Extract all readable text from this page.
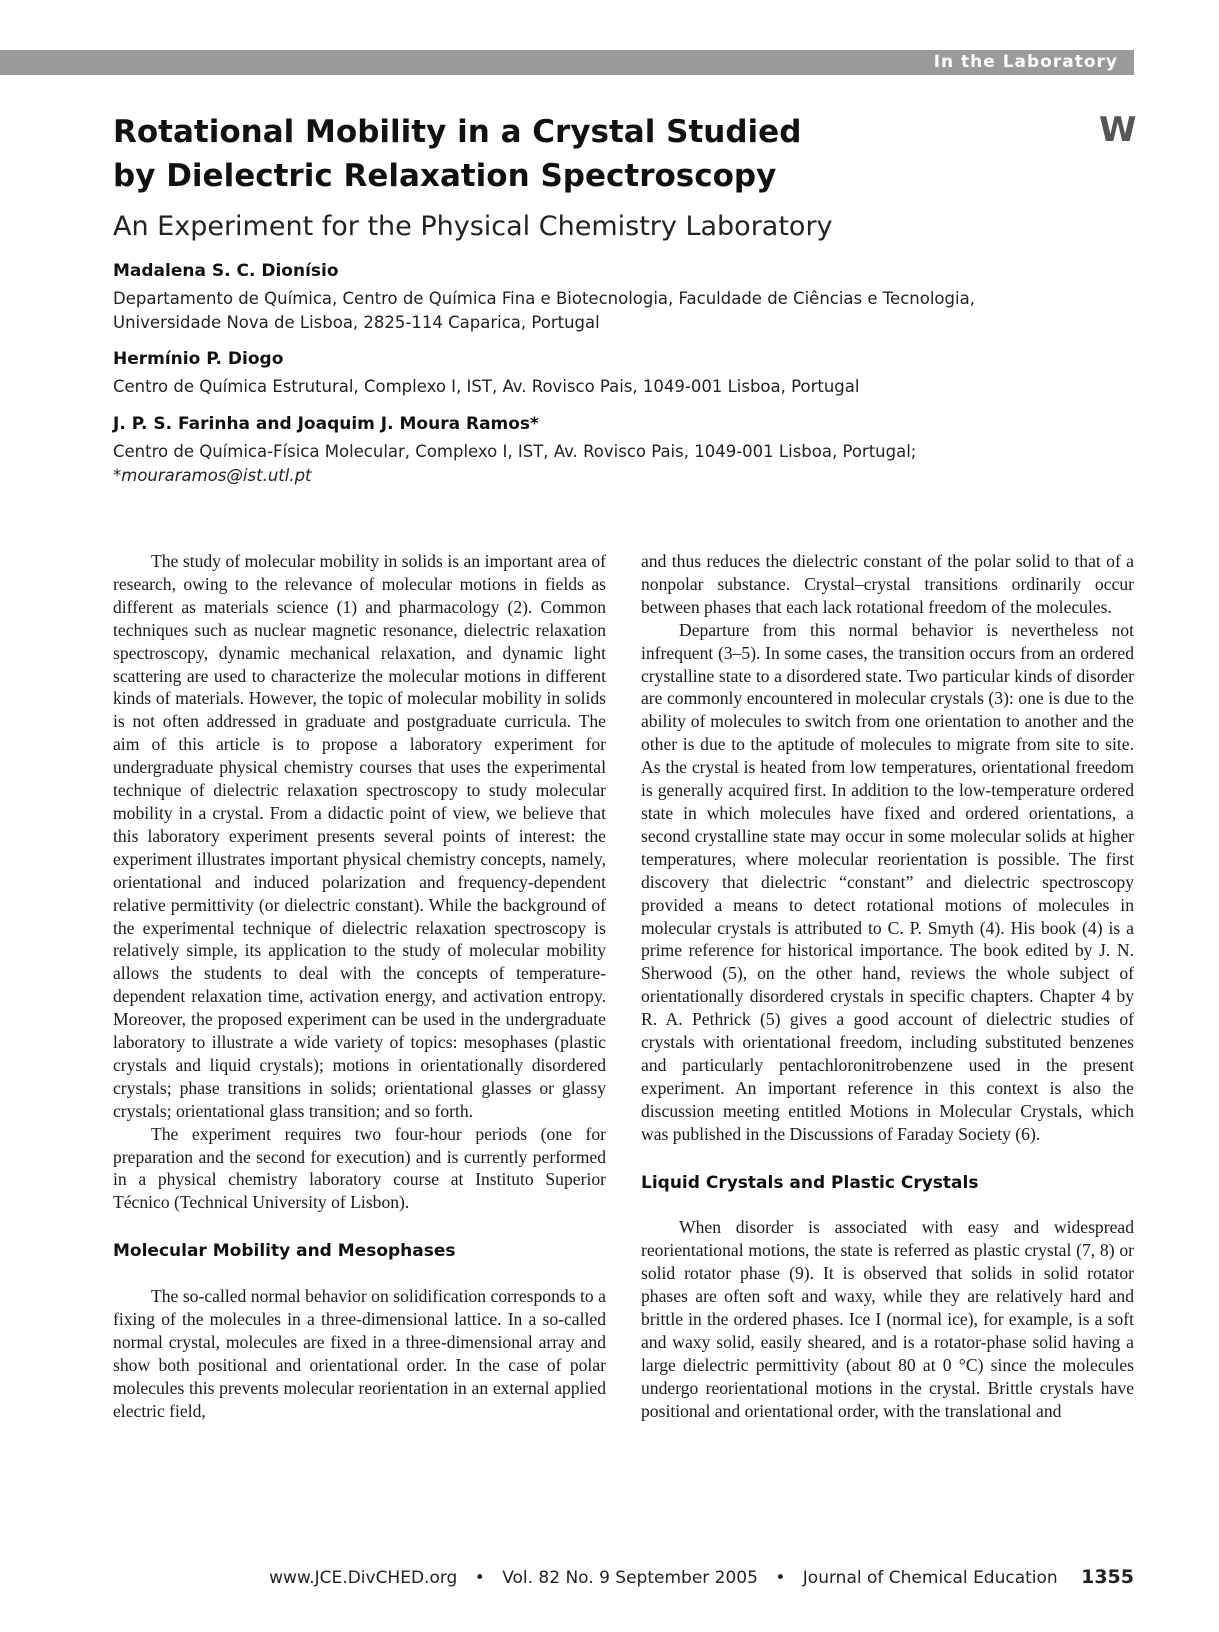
In the Laboratory
W
Rotational Mobility in a Crystal Studied
by Dielectric Relaxation Spectroscopy
An Experiment for the Physical Chemistry Laboratory
Madalena S. C. Dionísio
Departamento de Química, Centro de Química Fina e Biotecnologia, Faculdade de Ciências e Tecnologia,
Universidade Nova de Lisboa, 2825-114 Caparica, Portugal
Hermínio P. Diogo
Centro de Química Estrutural, Complexo I, IST, Av. Rovisco Pais, 1049-001 Lisboa, Portugal
J. P. S. Farinha and Joaquim J. Moura Ramos*
Centro de Química-Física Molecular, Complexo I, IST, Av. Rovisco Pais, 1049-001 Lisboa, Portugal;
*mouraramos@ist.utl.pt

The study of molecular mobility in solids is an important area of research, owing to the relevance of molecular motions in fields as different as materials science (1) and pharmacology (2). Common techniques such as nuclear magnetic resonance, dielectric relaxation spectroscopy, dynamic mechanical relaxation, and dynamic light scattering are used to characterize the molecular motions in different kinds of materials. However, the topic of molecular mobility in solids is not often addressed in graduate and postgraduate curricula. The aim of this article is to propose a laboratory experiment for undergraduate physical chemistry courses that uses the experimental technique of dielectric relaxation spectroscopy to study molecular mobility in a crystal. From a didactic point of view, we believe that this laboratory experiment presents several points of interest: the experiment illustrates important physical chemistry concepts, namely, orientational and induced polarization and frequency-dependent relative permittivity (or dielectric constant). While the background of the experimental technique of dielectric relaxation spectroscopy is relatively simple, its application to the study of molecular mobility allows the students to deal with the concepts of temperature-dependent relaxation time, activation energy, and activation entropy. Moreover, the proposed experiment can be used in the undergraduate laboratory to illustrate a wide variety of topics: mesophases (plastic crystals and liquid crystals); motions in orientationally disordered crystals; phase transitions in solids; orientational glasses or glassy crystals; orientational glass transition; and so forth.

The experiment requires two four-hour periods (one for preparation and the second for execution) and is currently performed in a physical chemistry laboratory course at Instituto Superior Técnico (Technical University of Lisbon).

Molecular Mobility and Mesophases

The so-called normal behavior on solidification corresponds to a fixing of the molecules in a three-dimensional lattice. In a so-called normal crystal, molecules are fixed in a three-dimensional array and show both positional and orientational order. In the case of polar molecules this prevents molecular reorientation in an external applied electric field,

and thus reduces the dielectric constant of the polar solid to that of a nonpolar substance. Crystal–crystal transitions ordinarily occur between phases that each lack rotational freedom of the molecules.

Departure from this normal behavior is nevertheless not infrequent (3–5). In some cases, the transition occurs from an ordered crystalline state to a disordered state. Two particular kinds of disorder are commonly encountered in molecular crystals (3): one is due to the ability of molecules to switch from one orientation to another and the other is due to the aptitude of molecules to migrate from site to site. As the crystal is heated from low temperatures, orientational freedom is generally acquired first. In addition to the low-temperature ordered state in which molecules have fixed and ordered orientations, a second crystalline state may occur in some molecular solids at higher temperatures, where molecular reorientation is possible. The first discovery that dielectric “constant” and dielectric spectroscopy provided a means to detect rotational motions of molecules in molecular crystals is attributed to C. P. Smyth (4). His book (4) is a prime reference for historical importance. The book edited by J. N. Sherwood (5), on the other hand, reviews the whole subject of orientationally disordered crystals in specific chapters. Chapter 4 by R. A. Pethrick (5) gives a good account of dielectric studies of crystals with orientational freedom, including substituted benzenes and particularly pentachloronitrobenzene used in the present experiment. An important reference in this context is also the discussion meeting entitled Motions in Molecular Crystals, which was published in the Discussions of Faraday Society (6).

Liquid Crystals and Plastic Crystals

When disorder is associated with easy and widespread reorientational motions, the state is referred as plastic crystal (7, 8) or solid rotator phase (9). It is observed that solids in solid rotator phases are often soft and waxy, while they are relatively hard and brittle in the ordered phases. Ice I (normal ice), for example, is a soft and waxy solid, easily sheared, and is a rotator-phase solid having a large dielectric permittivity (about 80 at 0 °C) since the molecules undergo reorientational motions in the crystal. Brittle crystals have positional and orientational order, with the translational and

www.JCE.DivCHED.org • Vol. 82 No. 9 September 2005 • Journal of Chemical Education 1355
